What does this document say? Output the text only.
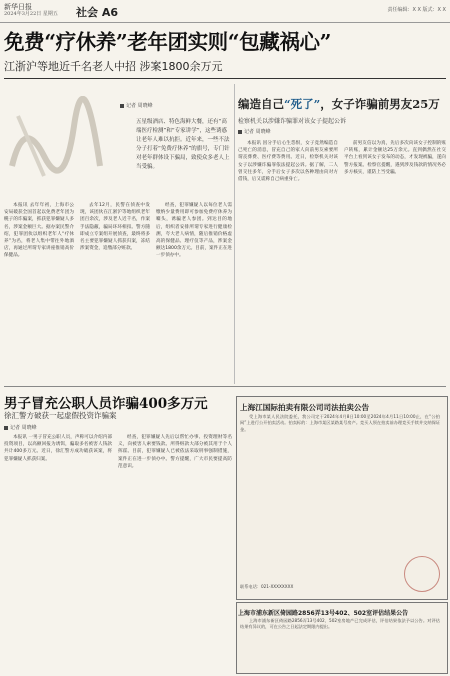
新华日报
2024年3月22日 星期五 社会 A6	责任编辑：X X 版式：X X
免费“疗休养”老年团实则“包藏祸心”
江浙沪等地近千名老人中招 涉案1800余万元
记者 周晓峰
五星级酒店、特色海鲜大餐，还有“高端医疗检测”和“专家讲学”，这些诱惑让老年人难以抗拒。近年来，一些不法分子打着“免费疗休养”的旗号，专门针对老年群体设下骗局，致使众多老人上当受骗。

本报讯 去年年初，上海市公安局破获全国首起以免费老年团为幌子的诈骗案，抓获犯罪嫌疑人多名，涉案金额巨大。据办案民警介绍，犯罪团伙以组织老年人“疗休养”为名，将老人集中带往外地酒店，再通过所谓专家讲座推销高价保健品。

去年12月，民警在侦查中发现，该团伙在江浙沪等地组织老年团百余次，涉及老人近千名，作案手法隐蔽，骗局环环相扣。警方随即成立专案组开展侦查，最终将多名主要犯罪嫌疑人抓获归案，冻结涉案资金，追缴部分赃款。

经查，犯罪嫌疑人以每位老人需缴纳少量费用即可参加免费疗休养为噱头，诱骗老人参团。到达目的地后，组织者安排所谓专家进行健康检测，夸大老人病情，随后推销价格虚高的保健品、理疗仪等产品，涉案金额达1800余万元。目前，案件正在进一步侦办中。

编造自己“死了”，女子诈骗前男友25万
检察机关以涉嫌诈骗罪对该女子提起公诉
记者 周晓峰

本报讯 因分手后心生怨恨，女子竟然编造自己死亡的消息，冒充自己的家人向前男友索要所谓丧葬费、医疗费等费用。近日，检察机关对该女子以涉嫌诈骗罪依法提起公诉。据了解，二人曾交往多年，分手后女子多次以各种理由向对方借钱，后又谎称自己病重身亡。

前男友信以为真，先后多次向该女子控制的账户转账，累计金额达25万余元。直到偶然在社交平台上看到该女子发布的动态，才发现被骗，遂向警方报案。检察官提醒，遇到涉及钱款的情况务必多方核实，谨防上当受骗。

男子冒充公职人员诈骗400多万元
徐汇警方破获一起虚假投资诈骗案
记者 周晓峰

本报讯 一男子冒充公职人员，声称可以介绍内部投资项目，以高额回报为诱饵，骗取多名被害人钱款共计400多万元。近日，徐汇警方成功破获该案，将犯罪嫌疑人抓获归案。

经查，犯罪嫌疑人先后以帮忙办事、投资理财等名义，向被害人索要钱款。所得赃款大部分被其用于个人挥霍。目前，犯罪嫌疑人已被依法采取刑事强制措施，案件正在进一步侦办中。警方提醒，广大市民要提高防范意识。

上海江国际拍卖有限公司司法拍卖公告

受上海市某人民法院委托，我公司定于2024年4月8日10:00至2024年4月11日10:00止，在“公拍网”上进行公开拍卖活动。拍卖标的：上海市某区某路某号房产。竞买人须在拍卖前办理竞买手续并交纳保证金。

联系电话：021-XXXXXXXX
上海市浦东新区倚园路2856弄13号402、502室评估结果公告

上海市浦东新区倚园路2856弄13号402、502室房地产已完成评估，评估结果依法予以公告。对评估结果有异议的，可在公告之日起法定期限内提出。
